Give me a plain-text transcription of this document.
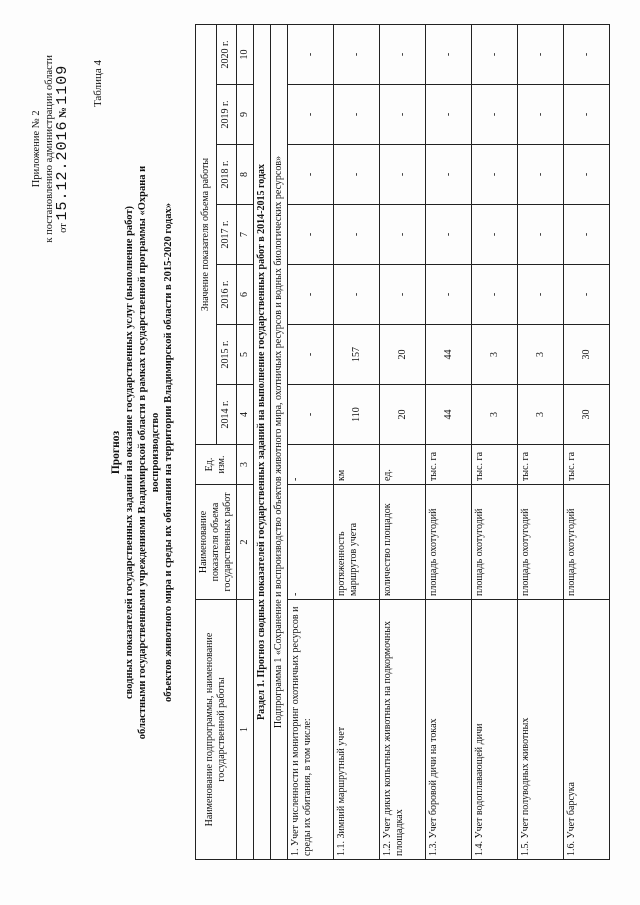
Приложение № 2 к постановлению администрации области от 15.12.2016 № 1109 Таблица 4
Прогноз сводных показателей государственных заданий на оказание государственных услуг (выполнение работ) областными государственными учреждениями Владимирской области в рамках государственной программы «Охрана и воспроизводство объектов животного мира и среды их обитания на территории Владимирской области в 2015-2020 годах»
Наименование подпрограммы, наименование государственной работы	Наименование показателя объема государственных работ	Ед. изм.	Значение показателя объема работы						
			2014 г.	2015 г.	2016 г.	2017 г.	2018 г.	2019 г.	2020 г.
1	2	3	4	5	6	7	8	9	10
Раздел 1. Прогноз сводных показателей государственных заданий на выполнение государственных работ в 2014-2015 годах									
Подпрограмма 1 «Сохранение и воспроизводство объектов животного мира, охотничьих ресурсов и водных биологических ресурсов»									
1. Учет численности и мониторинг охотничьих ресурсов и среды их обитания, в том числе:	-	-	-	-	-	-	-	-	-
1.1. Зимний маршрутный учет	протяженность маршрутов учета	км	110	157	-	-	-	-	-
1.2. Учет диких копытных животных на подкормочных площадках	количество площадок	ед.	20	20	-	-	-	-	-
1.3. Учет боровой дичи на токах	площадь охотугодий	тыс. га	44	44	-	-	-	-	-
1.4. Учет водоплавающей дичи	площадь охотугодий	тыс. га	3	3	-	-	-	-	-
1.5. Учет полуводных животных	площадь охотугодий	тыс. га	3	3	-	-	-	-	-
1.6. Учет барсука	площадь охотугодий	тыс. га	30	30	-	-	-	-	-
